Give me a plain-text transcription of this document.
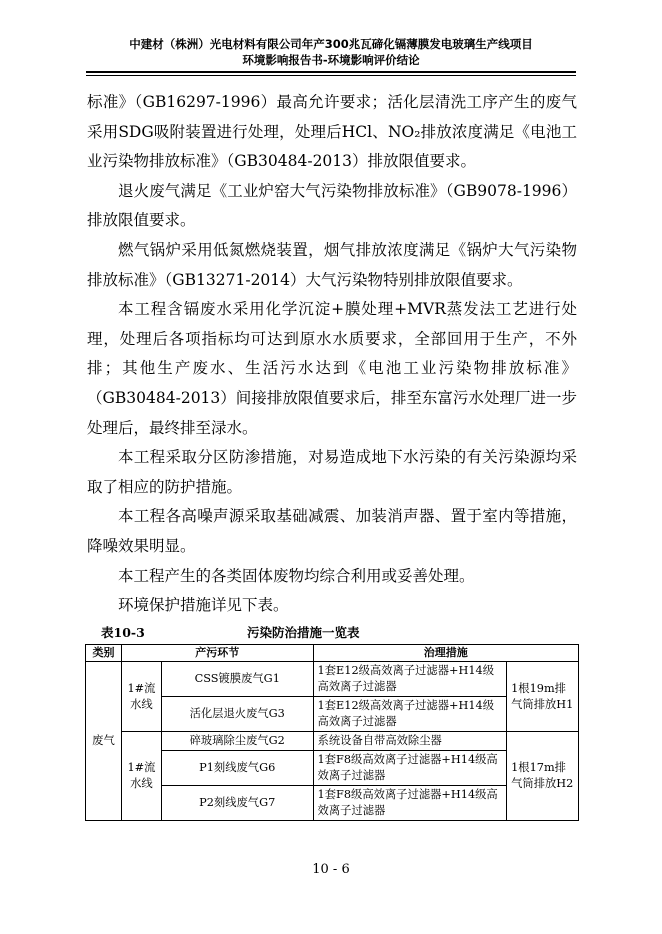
中建材（株洲）光电材料有限公司年产300兆瓦碲化镉薄膜发电玻璃生产线项目
环境影响报告书-环境影响评价结论

标准》（GB16297-1996）最高允许要求；活化层清洗工序产生的废气采用SDG吸附装置进行处理，处理后HCl、NO₂排放浓度满足《电池工业污染物排放标准》（GB30484-2013）排放限值要求。

退火废气满足《工业炉窑大气污染物排放标准》（GB9078-1996）排放限值要求。

燃气锅炉采用低氮燃烧装置，烟气排放浓度满足《锅炉大气污染物排放标准》（GB13271-2014）大气污染物特别排放限值要求。

本工程含镉废水采用化学沉淀+膜处理+MVR蒸发法工艺进行处理，处理后各项指标均可达到原水水质要求，全部回用于生产，不外排；其他生产废水、生活污水达到《电池工业污染物排放标准》（GB30484-2013）间接排放限值要求后，排至东富污水处理厂进一步处理后，最终排至渌水。

本工程采取分区防渗措施，对易造成地下水污染的有关污染源均采取了相应的防护措施。

本工程各高噪声源采取基础减震、加装消声器、置于室内等措施，降噪效果明显。

本工程产生的各类固体废物均综合利用或妥善处理。

环境保护措施详见下表。

表10-3	污染防治措施一览表
类别	产污环节		治理措施	
废气	1#流水线	CSS镀膜废气G1	1套E12级高效离子过滤器+H14级高效离子过滤器	1根19m排气筒排放H1
		活化层退火废气G3	1套E12级高效离子过滤器+H14级高效离子过滤器	
	1#流水线	碎玻璃除尘废气G2	系统设备自带高效除尘器	1根17m排气筒排放H2
		P1刻线废气G6	1套F8级高效离子过滤器+H14级高效离子过滤器	
		P2刻线废气G7	1套F8级高效离子过滤器+H14级高效离子过滤器	
10 - 6
